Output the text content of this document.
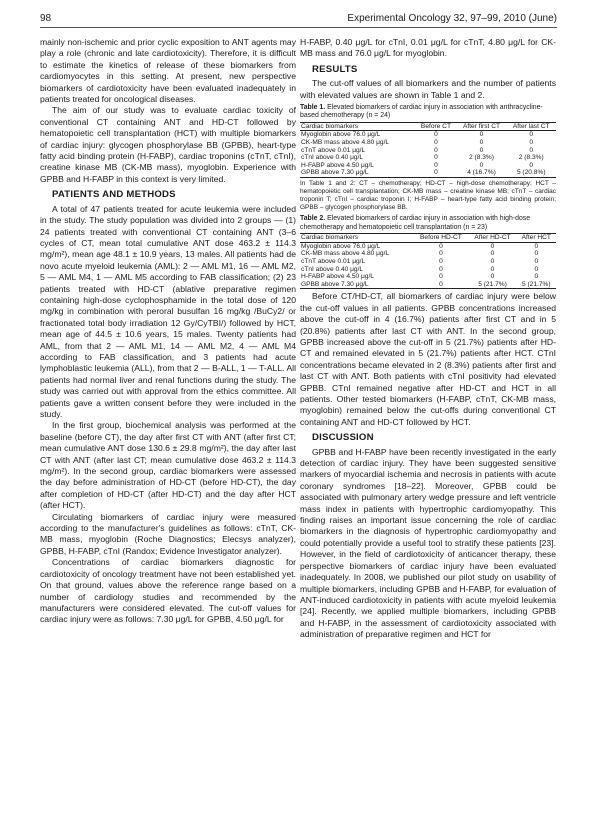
98	Experimental Oncology 32, 97–99, 2010 (June)

mainly non-ischemic and prior cyclic exposition to ANT agents may play a role (chronic and late cardiotoxicity). Therefore, it is difficult to estimate the kinetics of release of these biomarkers from cardiomyocytes in this setting. At present, new perspective biomarkers of cardiotoxicity have been evaluated inadequately in patients treated for oncological diseases.

The aim of our study was to evaluate cardiac toxicity of conventional CT containing ANT and HD-CT followed by hematopoietic cell transplantation (HCT) with multiple biomarkers of cardiac injury: glycogen phosphorylase BB (GPBB), heart-type fatty acid binding protein (H-FABP), cardiac troponins (cTnT, cTnI), creatine kinase MB (CK-MB mass), myoglobin. Experience with GPBB and H-FABP in this context is very limited.

PATIENTS AND METHODS

A total of 47 patients treated for acute leukemia were included in the study. The study population was divided into 2 groups — (1) 24 patients treated with conventional CT containing ANT (3–6 cycles of CT, mean total cumulative ANT dose 463.2 ± 114.3 mg/m²), mean age 48.1 ± 10.9 years, 13 males. All patients had de novo acute myeloid leukemia (AML): 2 — AML M1, 16 — AML M2, 5 — AML M4, 1 — AML M5 according to FAB classification; (2) 23 patients treated with HD-CT (ablative preparative regimen containing high-dose cyclophosphamide in the total dose of 120 mg/kg in combination with peroral busulfan 16 mg/kg /BuCy2/ or fractionated total body irradiation 12 Gy/CyTBI/) followed by HCT, mean age of 44.5 ± 10.6 years, 15 males. Twenty patients had AML, from that 2 — AML M1, 14 — AML M2, 4 — AML M4 according to FAB classification, and 3 patients had acute lymphoblastic leukemia (ALL), from that 2 — B-ALL, 1 — T-ALL. All patients had normal liver and renal functions during the study. The study was carried out with approval from the ethics committee. All patients gave a written consent before they were included in the study.

In the first group, biochemical analysis was performed at the baseline (before CT), the day after first CT with ANT (after first CT; mean cumulative ANT dose 130.6 ± 29.8 mg/m²), the day after last CT with ANT (after last CT; mean cumulative dose 463.2 ± 114.3 mg/m²). In the second group, cardiac biomarkers were assessed the day before administration of HD-CT (before HD-CT), the day after completion of HD-CT (after HD-CT) and the day after HCT (after HCT).

Circulating biomarkers of cardiac injury were measured according to the manufacturer's guidelines as follows: cTnT, CK-MB mass, myoglobin (Roche Diagnostics; Elecsys analyzer), GPBB, H-FABP, cTnI (Randox; Evidence Investigator analyzer).

Concentrations of cardiac biomarkers diagnostic for cardiotoxicity of oncology treatment have not been established yet. On that ground, values above the reference range based on a number of cardiology studies and recommended by the manufacturers were considered elevated. The cut-off values for cardiac injury were as follows: 7.30 μg/L for GPBB, 4.50 μg/L for

H-FABP, 0.40 μg/L for cTnI, 0.01 μg/L for cTnT, 4.80 μg/L for CK-MB mass and 76.0 μg/L for myoglobin.

RESULTS

The cut-off values of all biomarkers and the number of patients with elevated values are shown in Table 1 and 2.

Table 1. Elevated biomarkers of cardiac injury in association with anthracycline-based chemotherapy (n = 24)
Cardiac biomarkers	Before CT	After first CT	After last CT
Myoglobin above 76.0 μg/L	0	0	0
CK-MB mass above 4.80 μg/L	0	0	0
cTnT above 0.01 μg/L	0	0	0
cTnI above 0.40 μg/L	0	2 (8.3%)	2 (8.3%)
H-FABP above 4.50 μg/L	0	0	0
GPBB above 7.30 μg/L	0	4 (16.7%)	5 (20.8%)

In Table 1 and 2: CT – chemotherapy; HD-CT – high-dose chemotherapy; HCT – hematopoietic cell transplantation; CK-MB mass – creatine kinase MB; cTnT – cardiac troponin T; cTnI – cardiac troponin I; H-FABP – heart-type fatty acid binding protein; GPBB – glycogen phosphorylase BB.

Table 2. Elevated biomarkers of cardiac injury in association with high-dose chemotherapy and hematopoietic cell transplantation (n = 23)
Cardiac biomarkers	Before HD-CT	After HD-CT	After HCT
Myoglobin above 76.0 μg/L	0	0	0
CK-MB mass above 4.80 μg/L	0	0	0
cTnT above 0.01 μg/L	0	0	0
cTnI above 0.40 μg/L	0	0	0
H-FABP above 4.50 μg/L	0	0	0
GPBB above 7.30 μg/L	0	5 (21.7%)	5 (21.7%)

Before CT/HD-CT, all biomarkers of cardiac injury were below the cut-off values in all patients. GPBB concentrations increased above the cut-off in 4 (16.7%) patients after first CT and in 5 (20.8%) patients after last CT with ANT. In the second group, GPBB increased above the cut-off in 5 (21.7%) patients after HD-CT and remained elevated in 5 (21.7%) patients after HCT. CTnI concentrations became elevated in 2 (8.3%) patients after first and last CT with ANT. Both patients with cTnI positivity had elevated GPBB. CTnI remained negative after HD-CT and HCT in all patients. Other tested biomarkers (H-FABP, cTnT, CK-MB mass, myoglobin) remained below the cut-offs during conventional CT containing ANT and HD-CT followed by HCT.

DISCUSSION

GPBB and H-FABP have been recently investigated in the early detection of cardiac injury. They have been suggested sensitive markers of myocardial ischemia and necrosis in patients with acute coronary syndromes [18–22]. Moreover, GPBB could be associated with pulmonary artery wedge pressure and left ventricle mass index in patients with hypertrophic cardiomyopathy. This finding raises an important issue concerning the role of cardiac biomarkers in the diagnosis of hypertrophic cardiomyopathy and could potentially provide a useful tool to stratify these patients [23]. However, in the field of cardiotoxicity of anticancer therapy, these perspective biomarkers of cardiac injury have been evaluated inadequately. In 2008, we published our pilot study on usability of multiple biomarkers, including GPBB and H-FABP, for evaluation of ANT-induced cardiotoxicity in patients with acute myeloid leukemia [24]. Recently, we applied multiple biomarkers, including GPBB and H-FABP, in the assessment of cardiotoxicity associated with administration of preparative regimen and HCT for
